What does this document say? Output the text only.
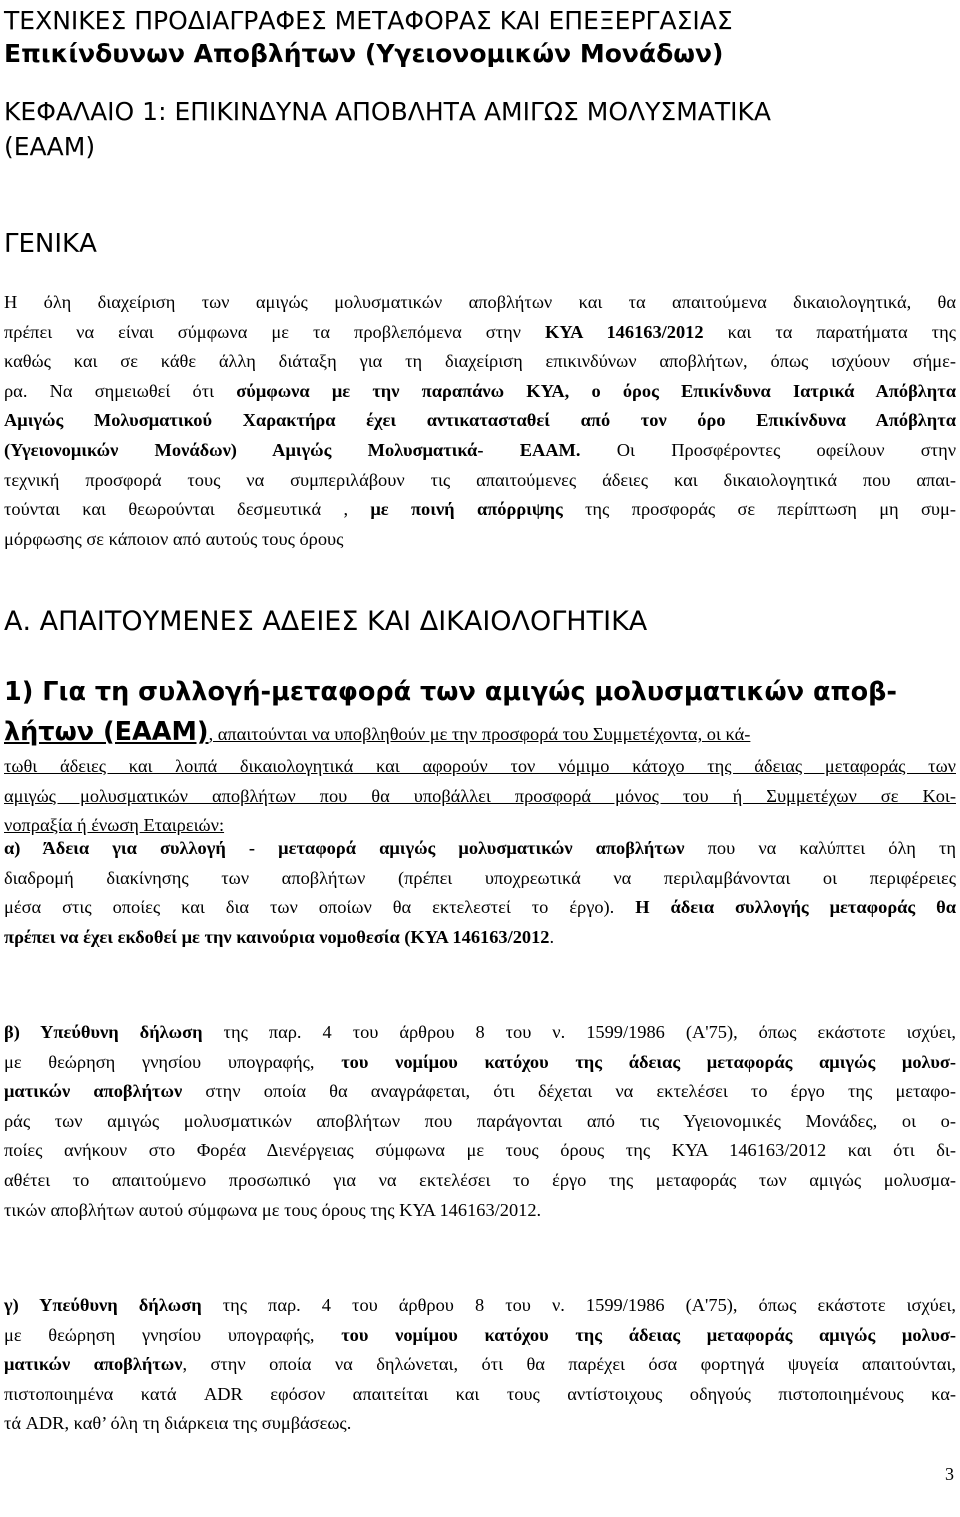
ΤΕΧΝΙΚΕΣ ΠΡΟΔΙΑΓΡΑΦΕΣ ΜΕΤΑΦΟΡΑΣ ΚΑΙ ΕΠΕΞΕΡΓΑΣΙΑΣ
Επικίνδυνων Αποβλήτων (Υγειονομικών Μονάδων)
ΚΕΦΑΛΑΙΟ 1: ΕΠΙΚΙΝΔΥΝΑ ΑΠΟΒΛΗΤΑ ΑΜΙΓΩΣ ΜΟΛΥΣΜΑΤΙΚΑ
(ΕΑΑΜ)
ΓΕΝΙΚΑ
Η όλη διαχείριση των αμιγώς μολυσματικών αποβλήτων και τα απαιτούμενα δικαιολογητικά, θα
πρέπει να είναι σύμφωνα με τα προβλεπόμενα στην ΚΥΑ 146163/2012 και τα παρατήματα της
καθώς και σε κάθε άλλη διάταξη για τη διαχείριση επικινδύνων αποβλήτων, όπως ισχύουν σήμε-
ρα. Να σημειωθεί ότι σύμφωνα με την παραπάνω ΚΥΑ, ο όρος Επικίνδυνα Ιατρικά Απόβλητα
Αμιγώς Μολυσματικού Χαρακτήρα έχει αντικατασταθεί από τον όρο Επικίνδυνα Απόβλητα
(Υγειονομικών Μονάδων) Αμιγώς Μολυσματικά- ΕΑΑΜ. Οι Προσφέροντες οφείλουν στην
τεχνική προσφορά τους να συμπεριλάβουν τις απαιτούμενες άδειες και δικαιολογητικά που απαι-
τούνται και θεωρούνται δεσμευτικά , με ποινή απόρριψης της προσφοράς σε περίπτωση μη συμ-
μόρφωσης σε κάποιον από αυτούς τους όρους
Α. ΑΠΑΙΤΟΥΜΕΝΕΣ ΑΔΕΙΕΣ ΚΑΙ ΔΙΚΑΙΟΛΟΓΗΤΙΚΑ
1) Για τη συλλογή-μεταφορά των αμιγώς μολυσματικών αποβ-
λήτων (ΕΑΑΜ), απαιτούνται να υποβληθούν με την προσφορά του Συμμετέχοντα, οι κά-
τωθι άδειες και λοιπά δικαιολογητικά και αφορούν τον νόμιμο κάτοχο της άδειας μεταφοράς των
αμιγώς μολυσματικών αποβλήτων που θα υποβάλλει προσφορά μόνος του ή Συμμετέχων σε Κοι-
νοπραξία ή ένωση Εταιρειών:
α) Άδεια για συλλογή - μεταφορά αμιγώς μολυσματικών αποβλήτων που να καλύπτει όλη τη
διαδρομή διακίνησης των αποβλήτων (πρέπει υποχρεωτικά να περιλαμβάνονται οι περιφέρειες
μέσα στις οποίες και δια των οποίων θα εκτελεστεί το έργο). Η άδεια συλλογής μεταφοράς θα
πρέπει να έχει εκδοθεί με την καινούρια νομοθεσία (ΚΥΑ 146163/2012.
β) Υπεύθυνη δήλωση της παρ. 4 του άρθρου 8 του ν. 1599/1986 (Α'75), όπως εκάστοτε ισχύει,
με θεώρηση γνησίου υπογραφής, του νομίμου κατόχου της άδειας μεταφοράς αμιγώς μολυσ-
ματικών αποβλήτων στην οποία θα αναγράφεται, ότι δέχεται να εκτελέσει το έργο της μεταφο-
ράς των αμιγώς μολυσματικών αποβλήτων που παράγονται από τις Υγειονομικές Μονάδες, οι ο-
ποίες ανήκουν στο Φορέα Διενέργειας σύμφωνα με τους όρους της ΚΥΑ 146163/2012 και ότι δι-
αθέτει το απαιτούμενο προσωπικό για να εκτελέσει το έργο της μεταφοράς των αμιγώς μολυσμα-
τικών αποβλήτων αυτού σύμφωνα με τους όρους της ΚΥΑ 146163/2012.
γ) Υπεύθυνη δήλωση της παρ. 4 του άρθρου 8 του ν. 1599/1986 (Α'75), όπως εκάστοτε ισχύει,
με θεώρηση γνησίου υπογραφής, του νομίμου κατόχου της άδειας μεταφοράς αμιγώς μολυσ-
ματικών αποβλήτων, στην οποία να δηλώνεται, ότι θα παρέχει όσα φορτηγά ψυγεία απαιτούνται,
πιστοποιημένα κατά ADR εφόσον απαιτείται και τους αντίστοιχους οδηγούς πιστοποιημένους κα-
τά ADR, καθ’ όλη τη διάρκεια της συμβάσεως.
3
